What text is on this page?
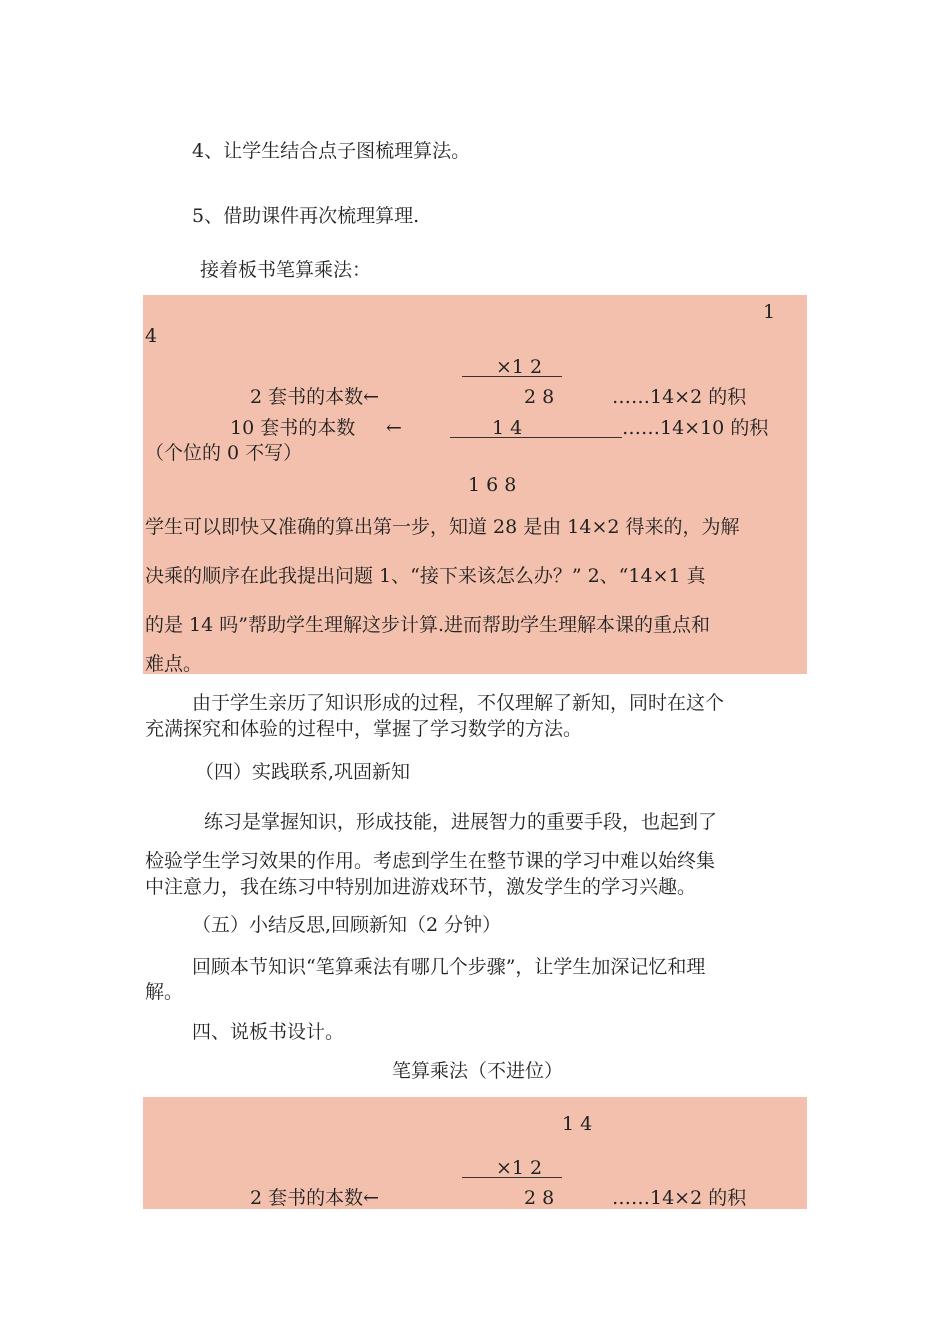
4、让学生结合点子图梳理算法。
5、借助课件再次梳理算理.
接着板书笔算乘法：
1
4
×1 2
2 套书的本数←	2 8	……14×2 的积
10 套书的本数 ←	1 4	……14×10 的积
（个位的 0 不写）
1 6 8
学生可以即快又准确的算出第一步，知道 28 是由 14×2 得来的，为解
决乘的顺序在此我提出问题 1、“接下来该怎么办？” 2、“14×1 真
的是 14 吗”帮助学生理解这步计算.进而帮助学生理解本课的重点和
难点。
由于学生亲历了知识形成的过程，不仅理解了新知，同时在这个
充满探究和体验的过程中，掌握了学习数学的方法。
（四）实践联系,巩固新知
练习是掌握知识，形成技能，进展智力的重要手段，也起到了
检验学生学习效果的作用。考虑到学生在整节课的学习中难以始终集
中注意力，我在练习中特别加进游戏环节，激发学生的学习兴趣。
（五）小结反思,回顾新知（2 分钟）
回顾本节知识“笔算乘法有哪几个步骤”，让学生加深记忆和理
解。
四、说板书设计。
笔算乘法（不进位）
1 4
×1 2
2 套书的本数←	2 8	……14×2 的积
